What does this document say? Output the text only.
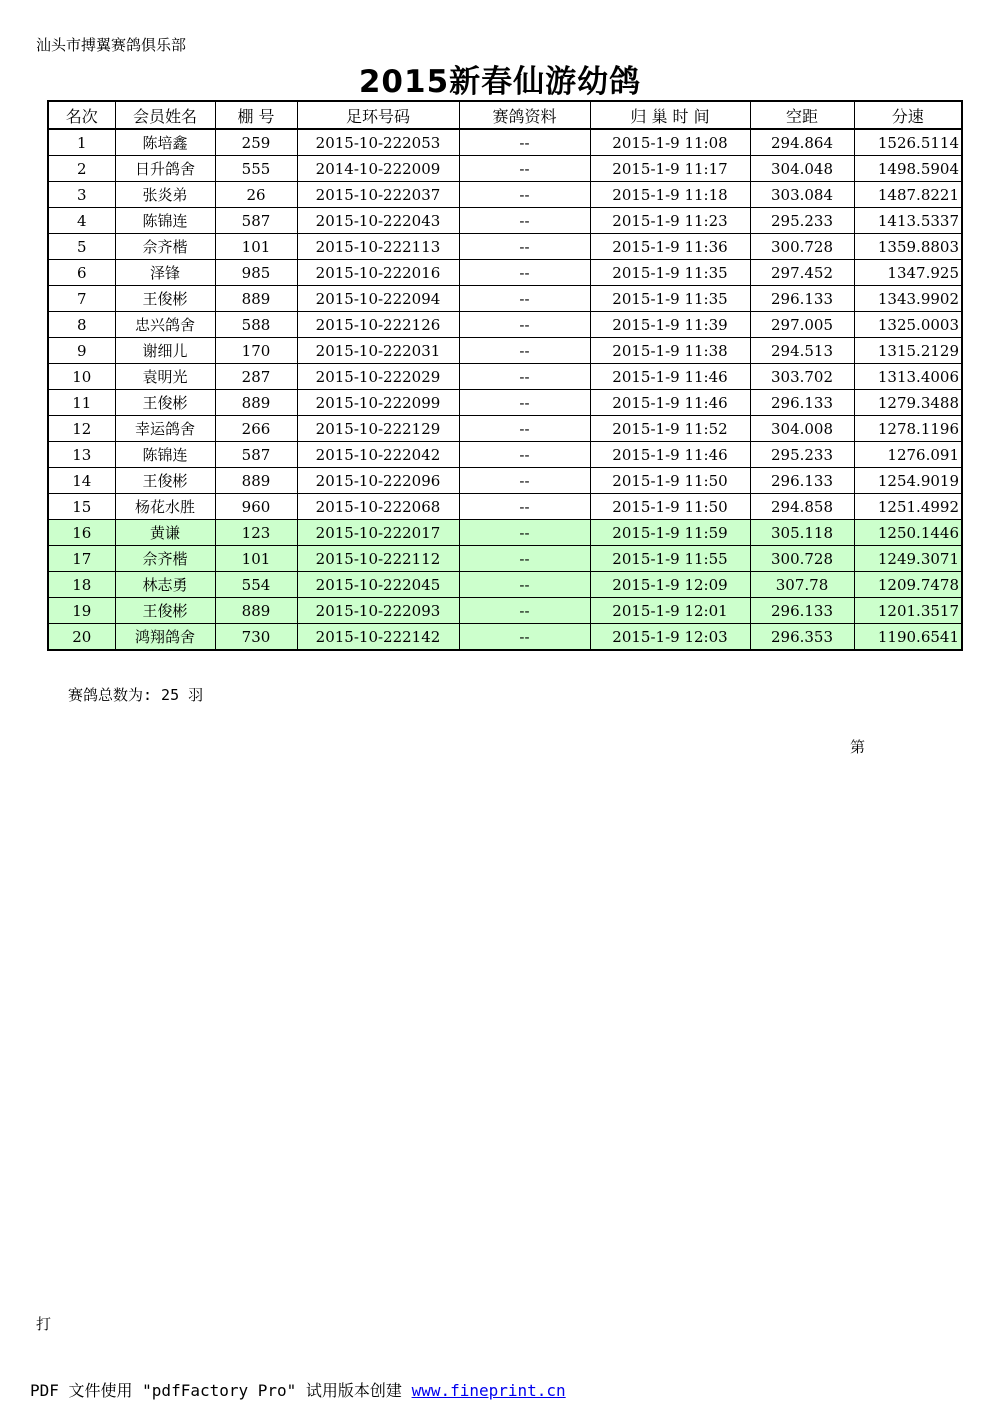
汕头市搏翼赛鸽俱乐部
2015新春仙游幼鸽
名次	会员姓名	棚 号	足环号码	赛鸽资料	归 巢 时 间	空距	分速
1	陈培鑫	259	2015-10-222053	--	2015-1-9 11:08	294.864	1526.5114
2	日升鸽舍	555	2014-10-222009	--	2015-1-9 11:17	304.048	1498.5904
3	张炎弟	26	2015-10-222037	--	2015-1-9 11:18	303.084	1487.8221
4	陈锦连	587	2015-10-222043	--	2015-1-9 11:23	295.233	1413.5337
5	佘齐楷	101	2015-10-222113	--	2015-1-9 11:36	300.728	1359.8803
6	泽锋	985	2015-10-222016	--	2015-1-9 11:35	297.452	1347.925
7	王俊彬	889	2015-10-222094	--	2015-1-9 11:35	296.133	1343.9902
8	忠兴鸽舍	588	2015-10-222126	--	2015-1-9 11:39	297.005	1325.0003
9	谢细儿	170	2015-10-222031	--	2015-1-9 11:38	294.513	1315.2129
10	袁明光	287	2015-10-222029	--	2015-1-9 11:46	303.702	1313.4006
11	王俊彬	889	2015-10-222099	--	2015-1-9 11:46	296.133	1279.3488
12	幸运鸽舍	266	2015-10-222129	--	2015-1-9 11:52	304.008	1278.1196
13	陈锦连	587	2015-10-222042	--	2015-1-9 11:46	295.233	1276.091
14	王俊彬	889	2015-10-222096	--	2015-1-9 11:50	296.133	1254.9019
15	杨花水胜	960	2015-10-222068	--	2015-1-9 11:50	294.858	1251.4992
16	黄谦	123	2015-10-222017	--	2015-1-9 11:59	305.118	1250.1446
17	佘齐楷	101	2015-10-222112	--	2015-1-9 11:55	300.728	1249.3071
18	林志勇	554	2015-10-222045	--	2015-1-9 12:09	307.78	1209.7478
19	王俊彬	889	2015-10-222093	--	2015-1-9 12:01	296.133	1201.3517
20	鸿翔鸽舍	730	2015-10-222142	--	2015-1-9 12:03	296.353	1190.6541
赛鸽总数为: 25 羽
第
打
PDF 文件使用 "pdfFactory Pro" 试用版本创建 www.fineprint.cn
